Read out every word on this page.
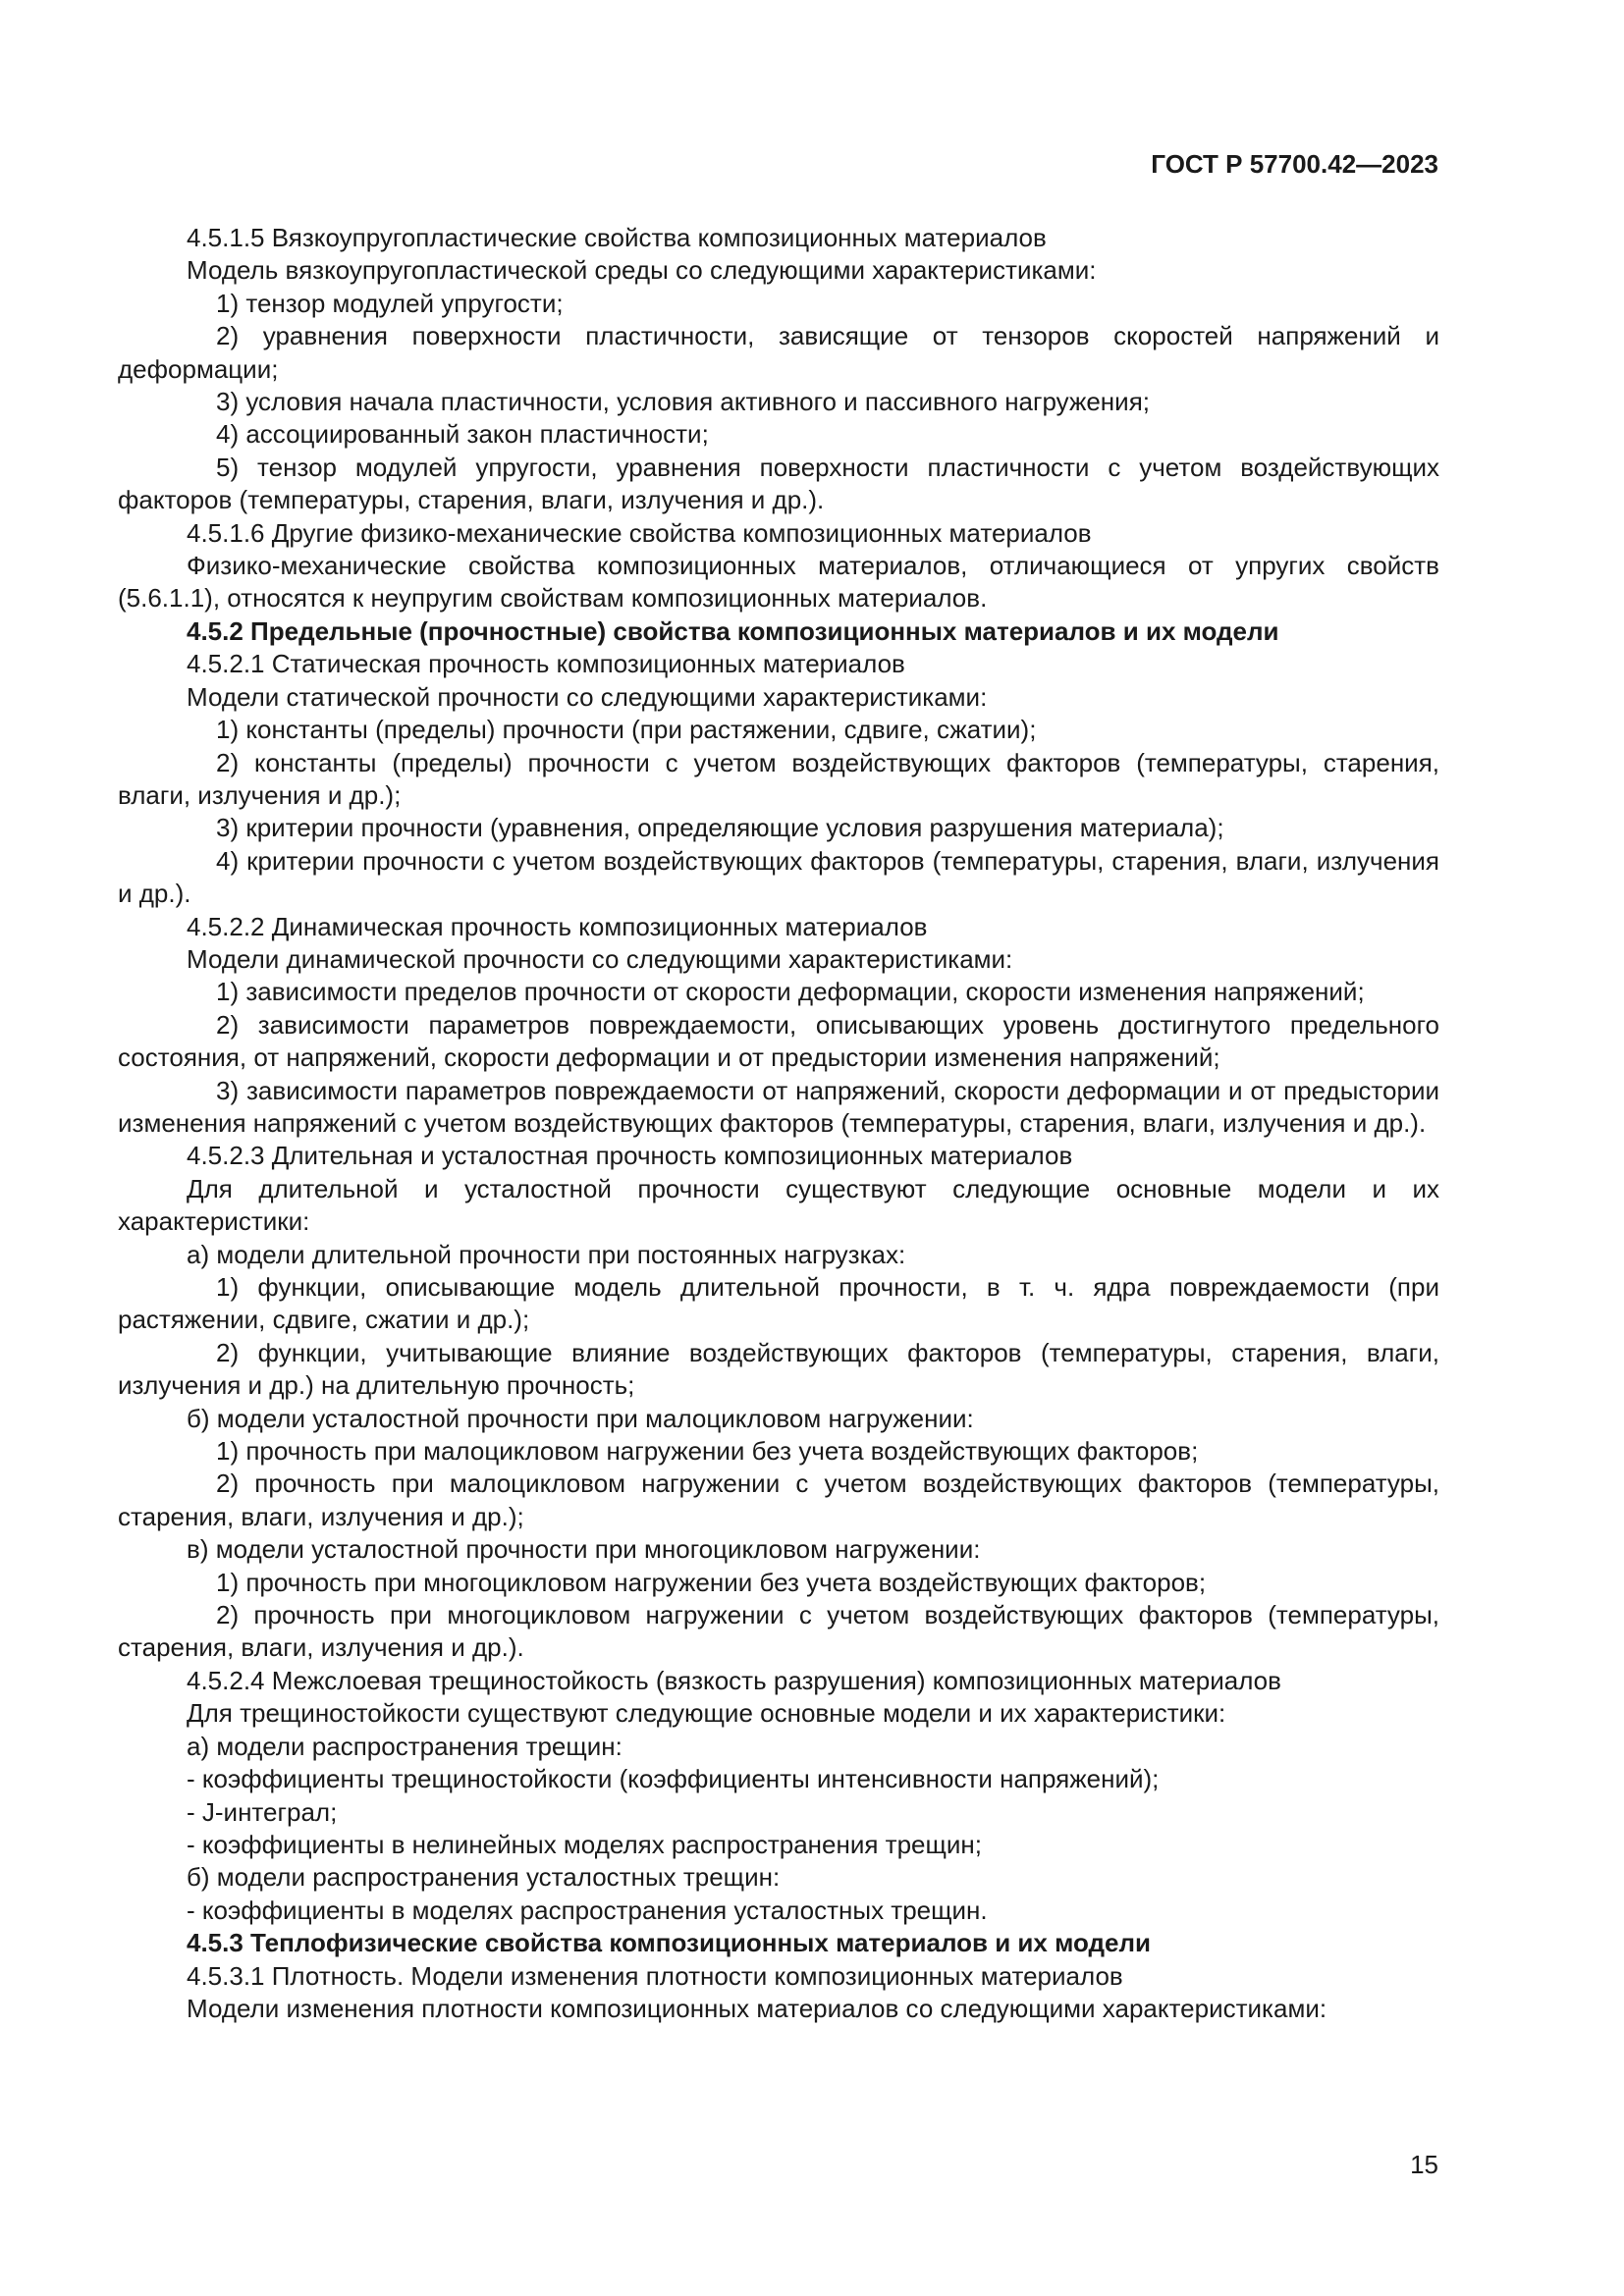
ГОСТ Р 57700.42—2023
4.5.1.5 Вязкоупругопластические свойства композиционных материалов
Модель вязкоупругопластической среды со следующими характеристиками:
1) тензор модулей упругости;
2) уравнения поверхности пластичности, зависящие от тензоров скоростей напряжений и деформации;
3) условия начала пластичности, условия активного и пассивного нагружения;
4) ассоциированный закон пластичности;
5) тензор модулей упругости, уравнения поверхности пластичности с учетом воздействующих факторов (температуры, старения, влаги, излучения и др.).
4.5.1.6 Другие физико-механические свойства композиционных материалов
Физико-механические свойства композиционных материалов, отличающиеся от упругих свойств (5.6.1.1), относятся к неупругим свойствам композиционных материалов.
4.5.2 Предельные (прочностные) свойства композиционных материалов и их модели
4.5.2.1 Статическая прочность композиционных материалов
Модели статической прочности со следующими характеристиками:
1) константы (пределы) прочности (при растяжении, сдвиге, сжатии);
2) константы (пределы) прочности с учетом воздействующих факторов (температуры, старения, влаги, излучения и др.);
3) критерии прочности (уравнения, определяющие условия разрушения материала);
4) критерии прочности с учетом воздействующих факторов (температуры, старения, влаги, излучения и др.).
4.5.2.2 Динамическая прочность композиционных материалов
Модели динамической прочности со следующими характеристиками:
1) зависимости пределов прочности от скорости деформации, скорости изменения напряжений;
2) зависимости параметров повреждаемости, описывающих уровень достигнутого предельного состояния, от напряжений, скорости деформации и от предыстории изменения напряжений;
3) зависимости параметров повреждаемости от напряжений, скорости деформации и от предыстории изменения напряжений с учетом воздействующих факторов (температуры, старения, влаги, излучения и др.).
4.5.2.3 Длительная и усталостная прочность композиционных материалов
Для длительной и усталостной прочности существуют следующие основные модели и их характеристики:
а) модели длительной прочности при постоянных нагрузках:
1) функции, описывающие модель длительной прочности, в т. ч. ядра повреждаемости (при растяжении, сдвиге, сжатии и др.);
2) функции, учитывающие влияние воздействующих факторов (температуры, старения, влаги, излучения и др.) на длительную прочность;
б) модели усталостной прочности при малоцикловом нагружении:
1) прочность при малоцикловом нагружении без учета воздействующих факторов;
2) прочность при малоцикловом нагружении с учетом воздействующих факторов (температуры, старения, влаги, излучения и др.);
в) модели усталостной прочности при многоцикловом нагружении:
1) прочность при многоцикловом нагружении без учета воздействующих факторов;
2) прочность при многоцикловом нагружении с учетом воздействующих факторов (температуры, старения, влаги, излучения и др.).
4.5.2.4 Межслоевая трещиностойкость (вязкость разрушения) композиционных материалов
Для трещиностойкости существуют следующие основные модели и их характеристики:
а) модели распространения трещин:
- коэффициенты трещиностойкости (коэффициенты интенсивности напряжений);
- J-интеграл;
- коэффициенты в нелинейных моделях распространения трещин;
б) модели распространения усталостных трещин:
- коэффициенты в моделях распространения усталостных трещин.
4.5.3 Теплофизические свойства композиционных материалов и их модели
4.5.3.1 Плотность. Модели изменения плотности композиционных материалов
Модели изменения плотности композиционных материалов со следующими характеристиками:
15
